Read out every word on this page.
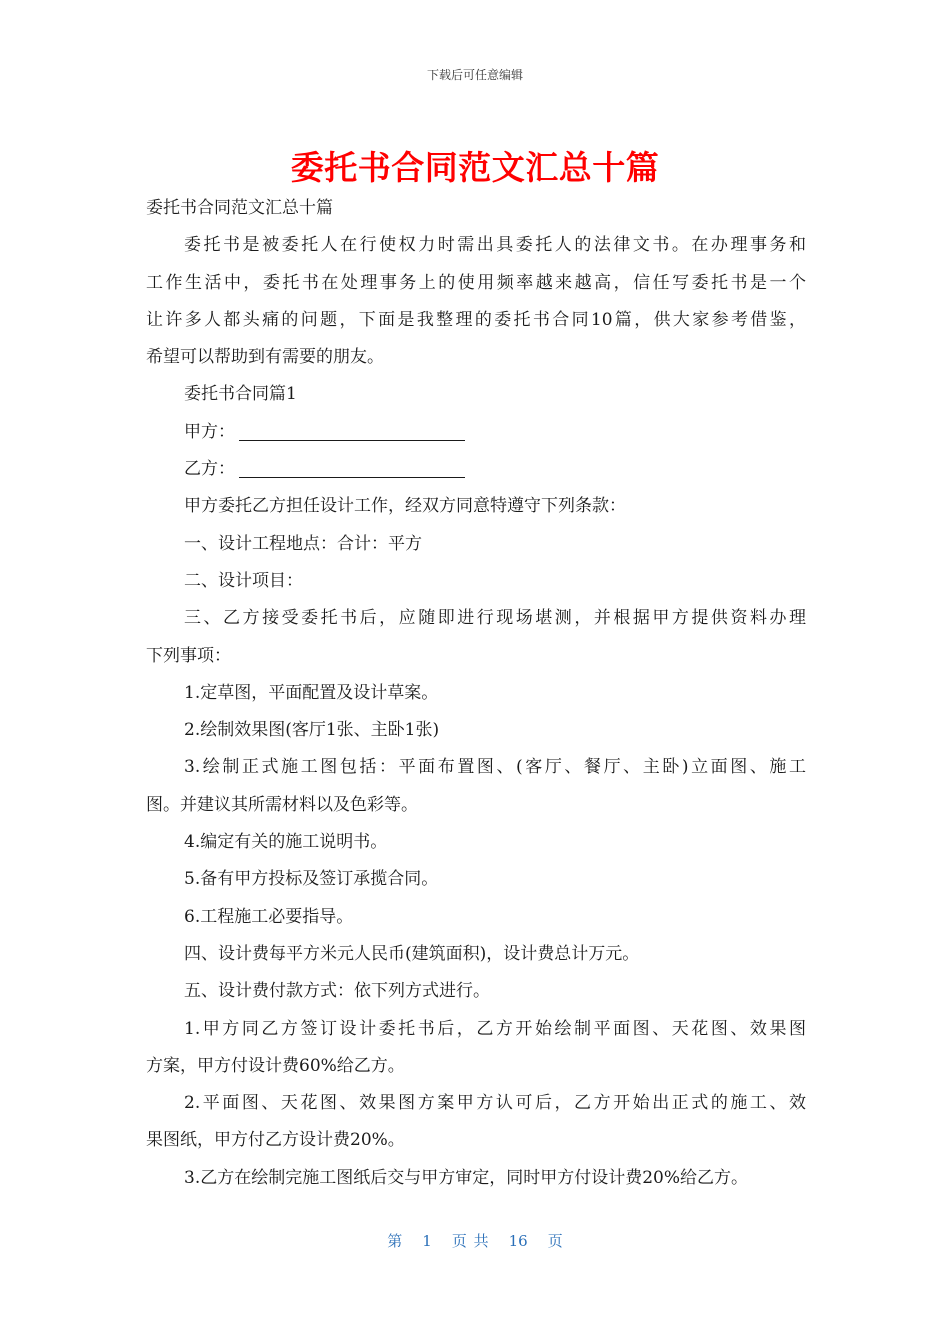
下载后可任意编辑
委托书合同范文汇总十篇

委托书合同范文汇总十篇

委托书是被委托人在行使权力时需出具委托人的法律文书。在办理事务和

工作生活中，委托书在处理事务上的使用频率越来越高，信任写委托书是一个

让许多人都头痛的问题，下面是我整理的委托书合同10篇，供大家参考借鉴，

希望可以帮助到有需要的朋友。

委托书合同篇1

甲方：

乙方：

甲方委托乙方担任设计工作，经双方同意特遵守下列条款：

一、设计工程地点：合计：平方

二、设计项目：

三、乙方接受委托书后，应随即进行现场堪测，并根据甲方提供资料办理

下列事项：

1.定草图，平面配置及设计草案。

2.绘制效果图(客厅1张、主卧1张)

3.绘制正式施工图包括：平面布置图、(客厅、餐厅、主卧)立面图、施工

图。并建议其所需材料以及色彩等。

4.编定有关的施工说明书。

5.备有甲方投标及签订承揽合同。

6.工程施工必要指导。

四、设计费每平方米元人民币(建筑面积)，设计费总计万元。

五、设计费付款方式：依下列方式进行。

1.甲方同乙方签订设计委托书后，乙方开始绘制平面图、天花图、效果图

方案，甲方付设计费60%给乙方。

2.平面图、天花图、效果图方案甲方认可后，乙方开始出正式的施工、效

果图纸，甲方付乙方设计费20%。

3.乙方在绘制完施工图纸后交与甲方审定，同时甲方付设计费20%给乙方。

第 1 页 共 16 页
